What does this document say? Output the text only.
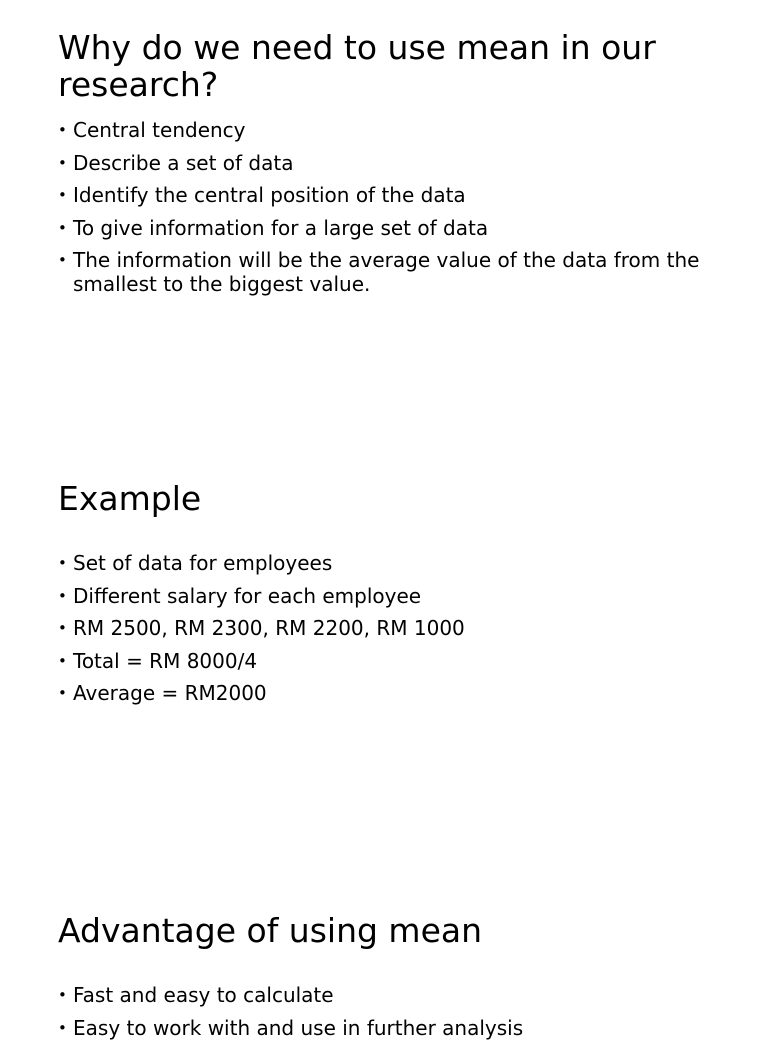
Why do we need to use mean in our research?
• Central tendency
• Describe a set of data
• Identify the central position of the data
• To give information for a large set of data
• The information will be the average value of the data from the smallest to the biggest value.
Example
• Set of data for employees
• Different salary for each employee
• RM 2500, RM 2300, RM 2200, RM 1000
• Total = RM 8000/4
• Average = RM2000
Advantage of using mean
• Fast and easy to calculate
• Easy to work with and use in further analysis
